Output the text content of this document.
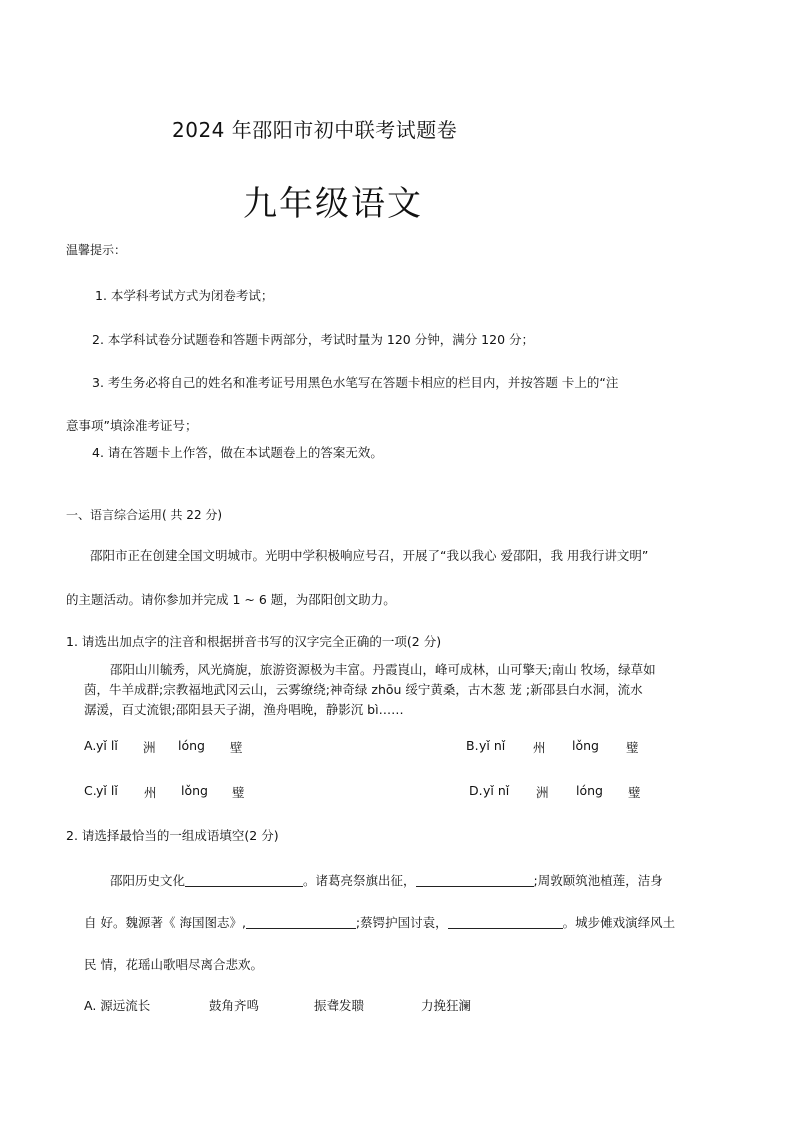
2024 年邵阳市初中联考试题卷
九年级语文
温馨提示：
1. 本学科考试方式为闭卷考试；
2. 本学科试卷分试题卷和答题卡两部分，考试时量为 120 分钟，满分 120 分；
3. 考生务必将自己的姓名和准考证号用黑色水笔写在答题卡相应的栏目内，并按答题 卡上的“注
意事项”填涂准考证号；
4. 请在答题卡上作答，做在本试题卷上的答案无效。
一、语言综合运用( 共 22 分)
邵阳市正在创建全国文明城市。光明中学积极响应号召，开展了“我以我心 爱邵阳，我 用我行讲文明”
的主题活动。请你参加并完成 1 ~ 6 题，为邵阳创文助力。
1. 请选出加点字的注音和根据拼音书写的汉字完全正确的一项(2 分)
邵阳山川毓秀，风光旖旎，旅游资源极为丰富。丹霞崀山，峰可成林，山可擎天;南山 牧场，绿草如
茵，牛羊成群;宗教福地武冈云山，云雾缭绕;神奇绿 zhōu 绥宁黄桑，古木葱 茏 ;新邵县白水洞，流水
潺湲，百丈流银;邵阳县天子湖，渔舟唱晚，静影沉 bì……
A. yǐ lǐ 洲 lóng 壁	B. yǐ nǐ 州 lǒng 璧
C. yǐ lǐ 州 lǒng 璧	D. yǐ nǐ 洲 lóng 璧
2. 请选择最恰当的一组成语填空(2 分)
邵阳历史文化	。诸葛亮祭旗出征，	;周敦颐筑池植莲，洁身
自 好。魏源著《 海国图志》,	;蔡锷护国讨袁，	。城步傩戏演绎风土
民 情，花瑶山歌唱尽离合悲欢。
A. 源远流长	鼓角齐鸣	振聋发聩	力挽狂澜
